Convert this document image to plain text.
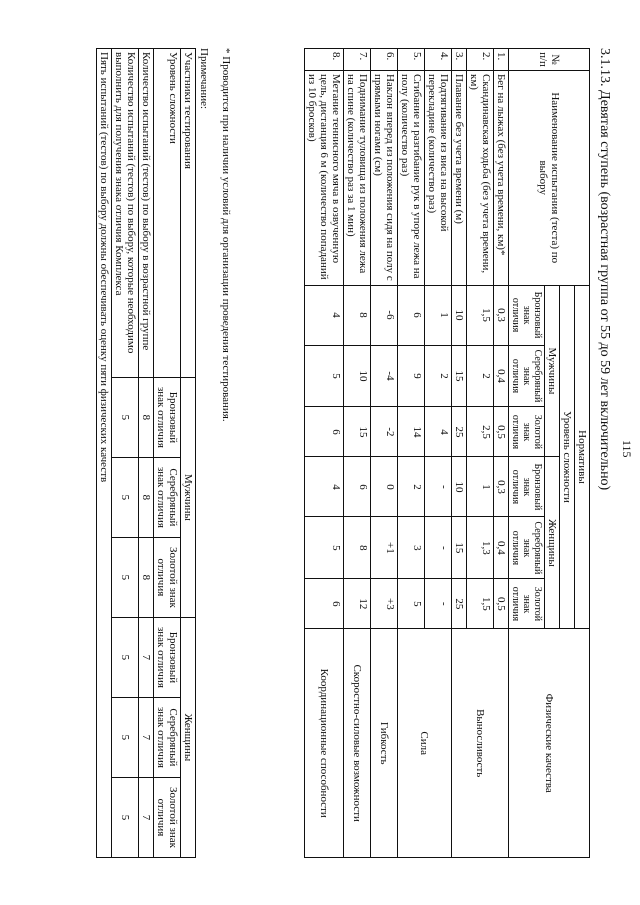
115
3.1.13. Девятая ступень (возрастная группа от 55 до 59 лет включительно)
№ п/п	Наименование испытания (теста) по выбору	Нормативы						Физические качества
		Уровень сложности						
		Мужчины			Женщины			
		Бронзовый знак отличия	Серебряный знак отличия	Золотой знак отличия	Бронзовый знак отличия	Серебряный знак отличия	Золотой знак отличия	
1.	Бег на лыжах (без учета времени, км)*	0,3	0,4	0,5	0,3	0,4	0,5	Выносливость
2.	Скандинавская ходьба (без учета времени, км)	1,5	2	2,5	1	1,3	1,5	
3.	Плавание без учета времени (м)	10	15	25	10	15	25	
4.	Подтягивание из виса на высокой перекладине (количество раз)	1	2	4	-	-	-	Сила
5.	Сгибание и разгибание рук в упоре лежа на полу (количество раз)	6	9	14	2	3	5	
6.	Наклон вперед из положения сидя на полу с прямыми ногами (см)	-6	-4	-2	0	+1	+3	Гибкость
7.	Поднимание туловища из положения лежа на спине (количество раз за 1 мин)	8	10	15	6	8	12	Скоростно-силовые возможности
8.	Метание теннисного мяча в озвученную цель, дистанция 6 м (количество попаданий из 10 бросков)	4	5	6	4	5	6	Координационные способности
* Проводится при наличии условий для организации проведения тестирования.
Примечание:
Участники тестирования	Мужчины			Женщины		
Уровень сложности	Бронзовый знак отличия	Серебряный знак отличия	Золотой знак отличия	Бронзовый знак отличия	Серебряный знак отличия	Золотой знак отличия
Количество испытаний (тестов) по выбору в возрастной группе	8	8	8	7	7	7
Количество испытаний (тестов) по выбору, которые необходимо выполнить для получения знака отличия Комплекса	5	5	5	5	5	5
Пять испытаний (тестов) по выбору должны обеспечивать оценку пяти физических качеств						
